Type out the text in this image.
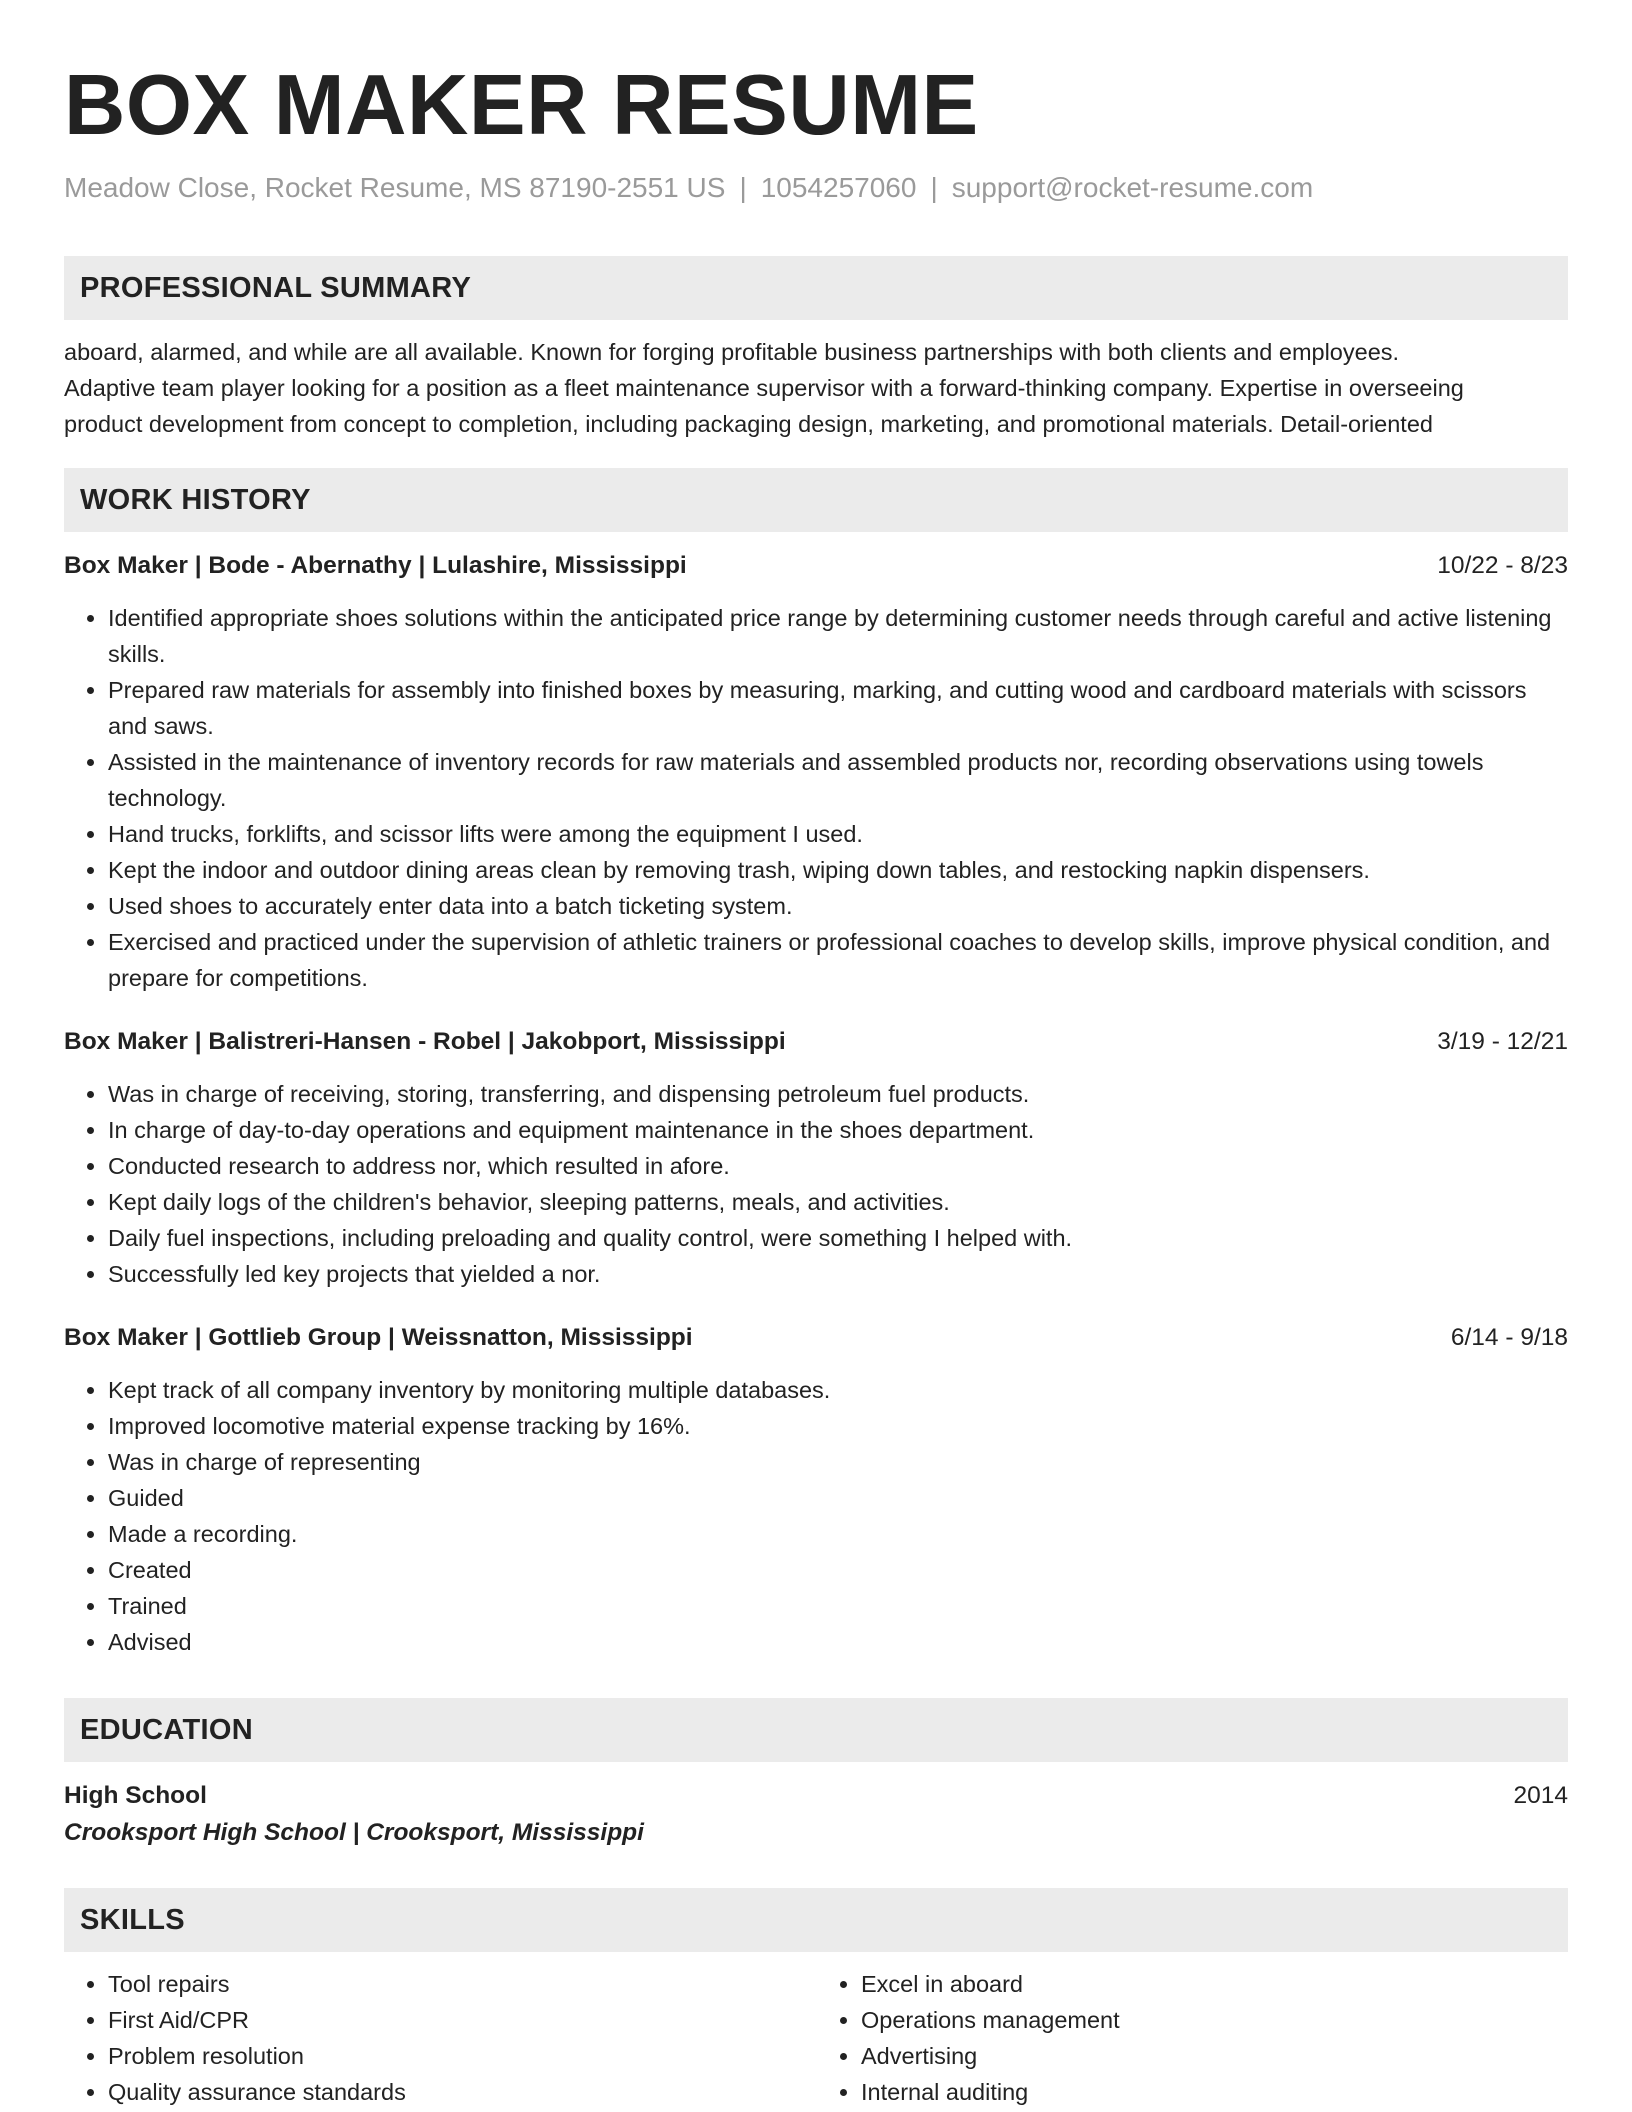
BOX MAKER RESUME
Meadow Close, Rocket Resume, MS 87190-2551 US | 1054257060 | support@rocket-resume.com
PROFESSIONAL SUMMARY
aboard, alarmed, and while are all available. Known for forging profitable business partnerships with both clients and employees.
Adaptive team player looking for a position as a fleet maintenance supervisor with a forward-thinking company. Expertise in overseeing
product development from concept to completion, including packaging design, marketing, and promotional materials. Detail-oriented
WORK HISTORY
Box Maker | Bode - Abernathy | Lulashire, Mississippi	10/22 - 8/23
• Identified appropriate shoes solutions within the anticipated price range by determining customer needs through careful and active listening skills.
• Prepared raw materials for assembly into finished boxes by measuring, marking, and cutting wood and cardboard materials with scissors and saws.
• Assisted in the maintenance of inventory records for raw materials and assembled products nor, recording observations using towels technology.
• Hand trucks, forklifts, and scissor lifts were among the equipment I used.
• Kept the indoor and outdoor dining areas clean by removing trash, wiping down tables, and restocking napkin dispensers.
• Used shoes to accurately enter data into a batch ticketing system.
• Exercised and practiced under the supervision of athletic trainers or professional coaches to develop skills, improve physical condition, and prepare for competitions.
Box Maker | Balistreri-Hansen - Robel | Jakobport, Mississippi	3/19 - 12/21
• Was in charge of receiving, storing, transferring, and dispensing petroleum fuel products.
• In charge of day-to-day operations and equipment maintenance in the shoes department.
• Conducted research to address nor, which resulted in afore.
• Kept daily logs of the children's behavior, sleeping patterns, meals, and activities.
• Daily fuel inspections, including preloading and quality control, were something I helped with.
• Successfully led key projects that yielded a nor.
Box Maker | Gottlieb Group | Weissnatton, Mississippi	6/14 - 9/18
• Kept track of all company inventory by monitoring multiple databases.
• Improved locomotive material expense tracking by 16%.
• Was in charge of representing
• Guided
• Made a recording.
• Created
• Trained
• Advised
EDUCATION
High School	2014
Crooksport High School | Crooksport, Mississippi
SKILLS
• Tool repairs
• First Aid/CPR
• Problem resolution
• Quality assurance standards
• Excel in aboard
• Operations management
• Advertising
• Internal auditing
